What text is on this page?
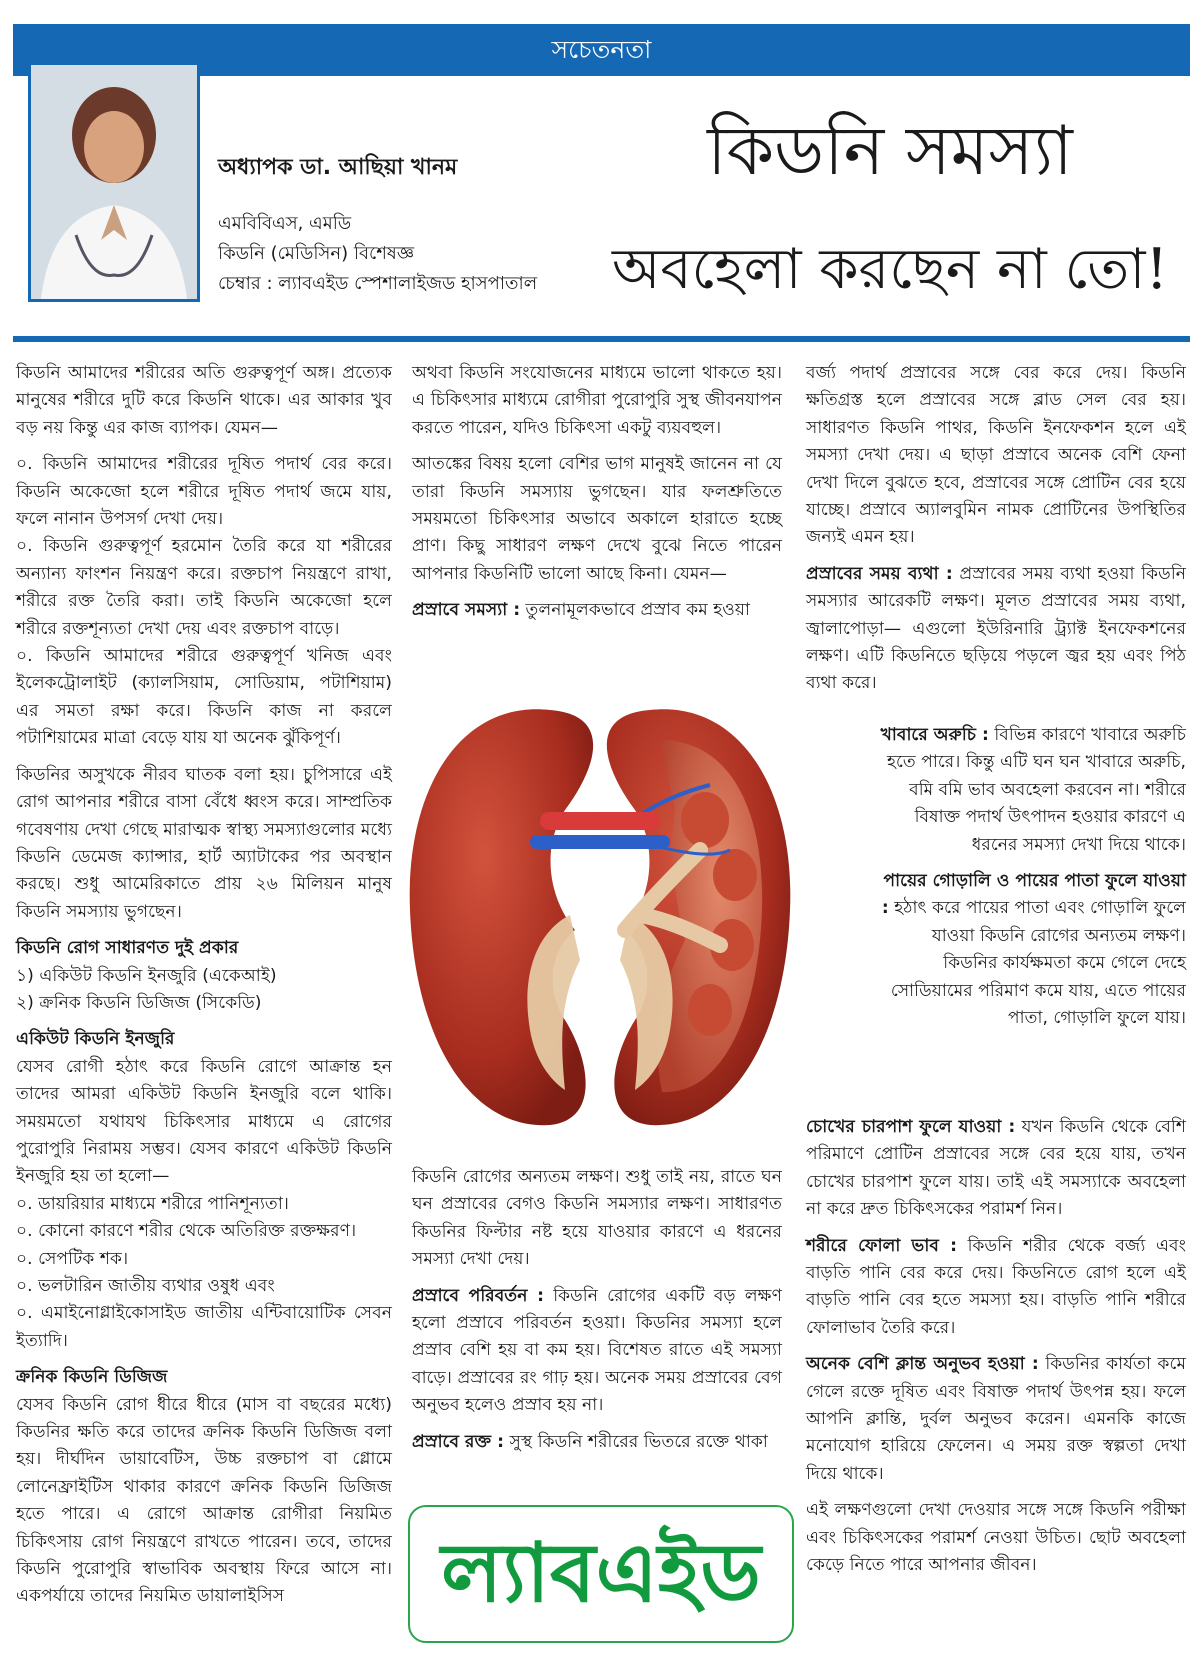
সচেতনতা
অধ্যাপক ডা. আছিয়া খানম
এমবিবিএস, এমডি
কিডনি (মেডিসিন) বিশেষজ্ঞ
চেম্বার : ল্যাবএইড স্পেশালাইজড হাসপাতাল
কিডনি সমস্যা
অবহেলা করছেন না তো!

কিডনি আমাদের শরীরের অতি গুরুত্বপূর্ণ অঙ্গ। প্রত্যেক মানুষের শরীরে দুটি করে কিডনি থাকে। এর আকার খুব বড় নয় কিন্তু এর কাজ ব্যাপক। যেমন—

০. কিডনি আমাদের শরীরের দূষিত পদার্থ বের করে। কিডনি অকেজো হলে শরীরে দূষিত পদার্থ জমে যায়, ফলে নানান উপসর্গ দেখা দেয়।

০. কিডনি গুরুত্বপূর্ণ হরমোন তৈরি করে যা শরীরের অন্যান্য ফাংশন নিয়ন্ত্রণ করে। রক্তচাপ নিয়ন্ত্রণে রাখা, শরীরে রক্ত তৈরি করা। তাই কিডনি অকেজো হলে শরীরে রক্তশূন্যতা দেখা দেয় এবং রক্তচাপ বাড়ে।

০. কিডনি আমাদের শরীরে গুরুত্বপূর্ণ খনিজ এবং ইলেকট্রোলাইট (ক্যালসিয়াম, সোডিয়াম, পটাশিয়াম) এর সমতা রক্ষা করে। কিডনি কাজ না করলে পটাশিয়ামের মাত্রা বেড়ে যায় যা অনেক ঝুঁকিপূর্ণ।

কিডনির অসুখকে নীরব ঘাতক বলা হয়। চুপিসারে এই রোগ আপনার শরীরে বাসা বেঁধে ধ্বংস করে। সাম্প্রতিক গবেষণায় দেখা গেছে মারাত্মক স্বাস্থ্য সমস্যাগুলোর মধ্যে কিডনি ডেমেজ ক্যান্সার, হার্ট অ্যাটাকের পর অবস্থান করছে। শুধু আমেরিকাতে প্রায় ২৬ মিলিয়ন মানুষ কিডনি সমস্যায় ভুগছেন।

কিডনি রোগ সাধারণত দুই প্রকার

১) একিউট কিডনি ইনজুরি (একেআই)

২) ক্রনিক কিডনি ডিজিজ (সিকেডি)

একিউট কিডনি ইনজুরি

যেসব রোগী হঠাৎ করে কিডনি রোগে আক্রান্ত হন তাদের আমরা একিউট কিডনি ইনজুরি বলে থাকি। সময়মতো যথাযথ চিকিৎসার মাধ্যমে এ রোগের পুরোপুরি নিরাময় সম্ভব। যেসব কারণে একিউট কিডনি ইনজুরি হয় তা হলো—

০. ডায়রিয়ার মাধ্যমে শরীরে পানিশূন্যতা।

০. কোনো কারণে শরীর থেকে অতিরিক্ত রক্তক্ষরণ।

০. সেপটিক শক।

০. ভলটারিন জাতীয় ব্যথার ওষুধ এবং

০. এমাইনোগ্লাইকোসাইড জাতীয় এন্টিবায়োটিক সেবন ইত্যাদি।

ক্রনিক কিডনি ডিজিজ

যেসব কিডনি রোগ ধীরে ধীরে (মাস বা বছরের মধ্যে) কিডনির ক্ষতি করে তাদের ক্রনিক কিডনি ডিজিজ বলা হয়। দীর্ঘদিন ডায়াবেটিস, উচ্চ রক্তচাপ বা গ্লোমে লোনেফ্রাইটিস থাকার কারণে ক্রনিক কিডনি ডিজিজ হতে পারে। এ রোগে আক্রান্ত রোগীরা নিয়মিত চিকিৎসায় রোগ নিয়ন্ত্রণে রাখতে পারেন। তবে, তাদের কিডনি পুরোপুরি স্বাভাবিক অবস্থায় ফিরে আসে না। একপর্যায়ে তাদের নিয়মিত ডায়ালাইসিস

অথবা কিডনি সংযোজনের মাধ্যমে ভালো থাকতে হয়। এ চিকিৎসার মাধ্যমে রোগীরা পুরোপুরি সুস্থ জীবনযাপন করতে পারেন, যদিও চিকিৎসা একটু ব্যয়বহুল।

আতঙ্কের বিষয় হলো বেশির ভাগ মানুষই জানেন না যে তারা কিডনি সমস্যায় ভুগছেন। যার ফলশ্রুতিতে সময়মতো চিকিৎসার অভাবে অকালে হারাতে হচ্ছে প্রাণ। কিছু সাধারণ লক্ষণ দেখে বুঝে নিতে পারেন আপনার কিডনিটি ভালো আছে কিনা। যেমন—

প্রস্রাবে সমস্যা : তুলনামূলকভাবে প্রস্রাব কম হওয়া

কিডনি রোগের অন্যতম লক্ষণ। শুধু তাই নয়, রাতে ঘন ঘন প্রস্রাবের বেগও কিডনি সমস্যার লক্ষণ। সাধারণত কিডনির ফিল্টার নষ্ট হয়ে যাওয়ার কারণে এ ধরনের সমস্যা দেখা দেয়।

প্রস্রাবে পরিবর্তন : কিডনি রোগের একটি বড় লক্ষণ হলো প্রস্রাবে পরিবর্তন হওয়া। কিডনির সমস্যা হলে প্রস্রাব বেশি হয় বা কম হয়। বিশেষত রাতে এই সমস্যা বাড়ে। প্রস্রাবের রং গাঢ় হয়। অনেক সময় প্রস্রাবের বেগ অনুভব হলেও প্রস্রাব হয় না।

প্রস্রাবে রক্ত : সুস্থ কিডনি শরীরের ভিতরে রক্তে থাকা

ল্যাবএইড

বর্জ্য পদার্থ প্রস্রাবের সঙ্গে বের করে দেয়। কিডনি ক্ষতিগ্রস্ত হলে প্রস্রাবের সঙ্গে ব্লাড সেল বের হয়। সাধারণত কিডনি পাথর, কিডনি ইনফেকশন হলে এই সমস্যা দেখা দেয়। এ ছাড়া প্রস্রাবে অনেক বেশি ফেনা দেখা দিলে বুঝতে হবে, প্রস্রাবের সঙ্গে প্রোটিন বের হয়ে যাচ্ছে। প্রস্রাবে অ্যালবুমিন নামক প্রোটিনের উপস্থিতির জন্যই এমন হয়।

প্রস্রাবের সময় ব্যথা : প্রস্রাবের সময় ব্যথা হওয়া কিডনি সমস্যার আরেকটি লক্ষণ। মূলত প্রস্রাবের সময় ব্যথা, জ্বালাপোড়া— এগুলো ইউরিনারি ট্র্যাক্ট ইনফেকশনের লক্ষণ। এটি কিডনিতে ছড়িয়ে পড়লে জ্বর হয় এবং পিঠ ব্যথা করে।

খাবারে অরুচি : বিভিন্ন কারণে খাবারে অরুচি হতে পারে। কিন্তু এটি ঘন ঘন খাবারে অরুচি, বমি বমি ভাব অবহেলা করবেন না। শরীরে বিষাক্ত পদার্থ উৎপাদন হওয়ার কারণে এ ধরনের সমস্যা দেখা দিয়ে থাকে।

পায়ের গোড়ালি ও পায়ের পাতা ফুলে যাওয়া : হঠাৎ করে পায়ের পাতা এবং গোড়ালি ফুলে যাওয়া কিডনি রোগের অন্যতম লক্ষণ। কিডনির কার্যক্ষমতা কমে গেলে দেহে সোডিয়ামের পরিমাণ কমে যায়, এতে পায়ের পাতা, গোড়ালি ফুলে যায়।

চোখের চারপাশ ফুলে যাওয়া : যখন কিডনি থেকে বেশি পরিমাণে প্রোটিন প্রস্রাবের সঙ্গে বের হয়ে যায়, তখন চোখের চারপাশ ফুলে যায়। তাই এই সমস্যাকে অবহেলা না করে দ্রুত চিকিৎসকের পরামর্শ নিন।

শরীরে ফোলা ভাব : কিডনি শরীর থেকে বর্জ্য এবং বাড়তি পানি বের করে দেয়। কিডনিতে রোগ হলে এই বাড়তি পানি বের হতে সমস্যা হয়। বাড়তি পানি শরীরে ফোলাভাব তৈরি করে।

অনেক বেশি ক্লান্ত অনুভব হওয়া : কিডনির কার্যতা কমে গেলে রক্তে দূষিত এবং বিষাক্ত পদার্থ উৎপন্ন হয়। ফলে আপনি ক্লান্তি, দুর্বল অনুভব করেন। এমনকি কাজে মনোযোগ হারিয়ে ফেলেন। এ সময় রক্ত স্বল্পতা দেখা দিয়ে থাকে।

এই লক্ষণগুলো দেখা দেওয়ার সঙ্গে সঙ্গে কিডনি পরীক্ষা এবং চিকিৎসকের পরামর্শ নেওয়া উচিত। ছোট অবহেলা কেড়ে নিতে পারে আপনার জীবন।
